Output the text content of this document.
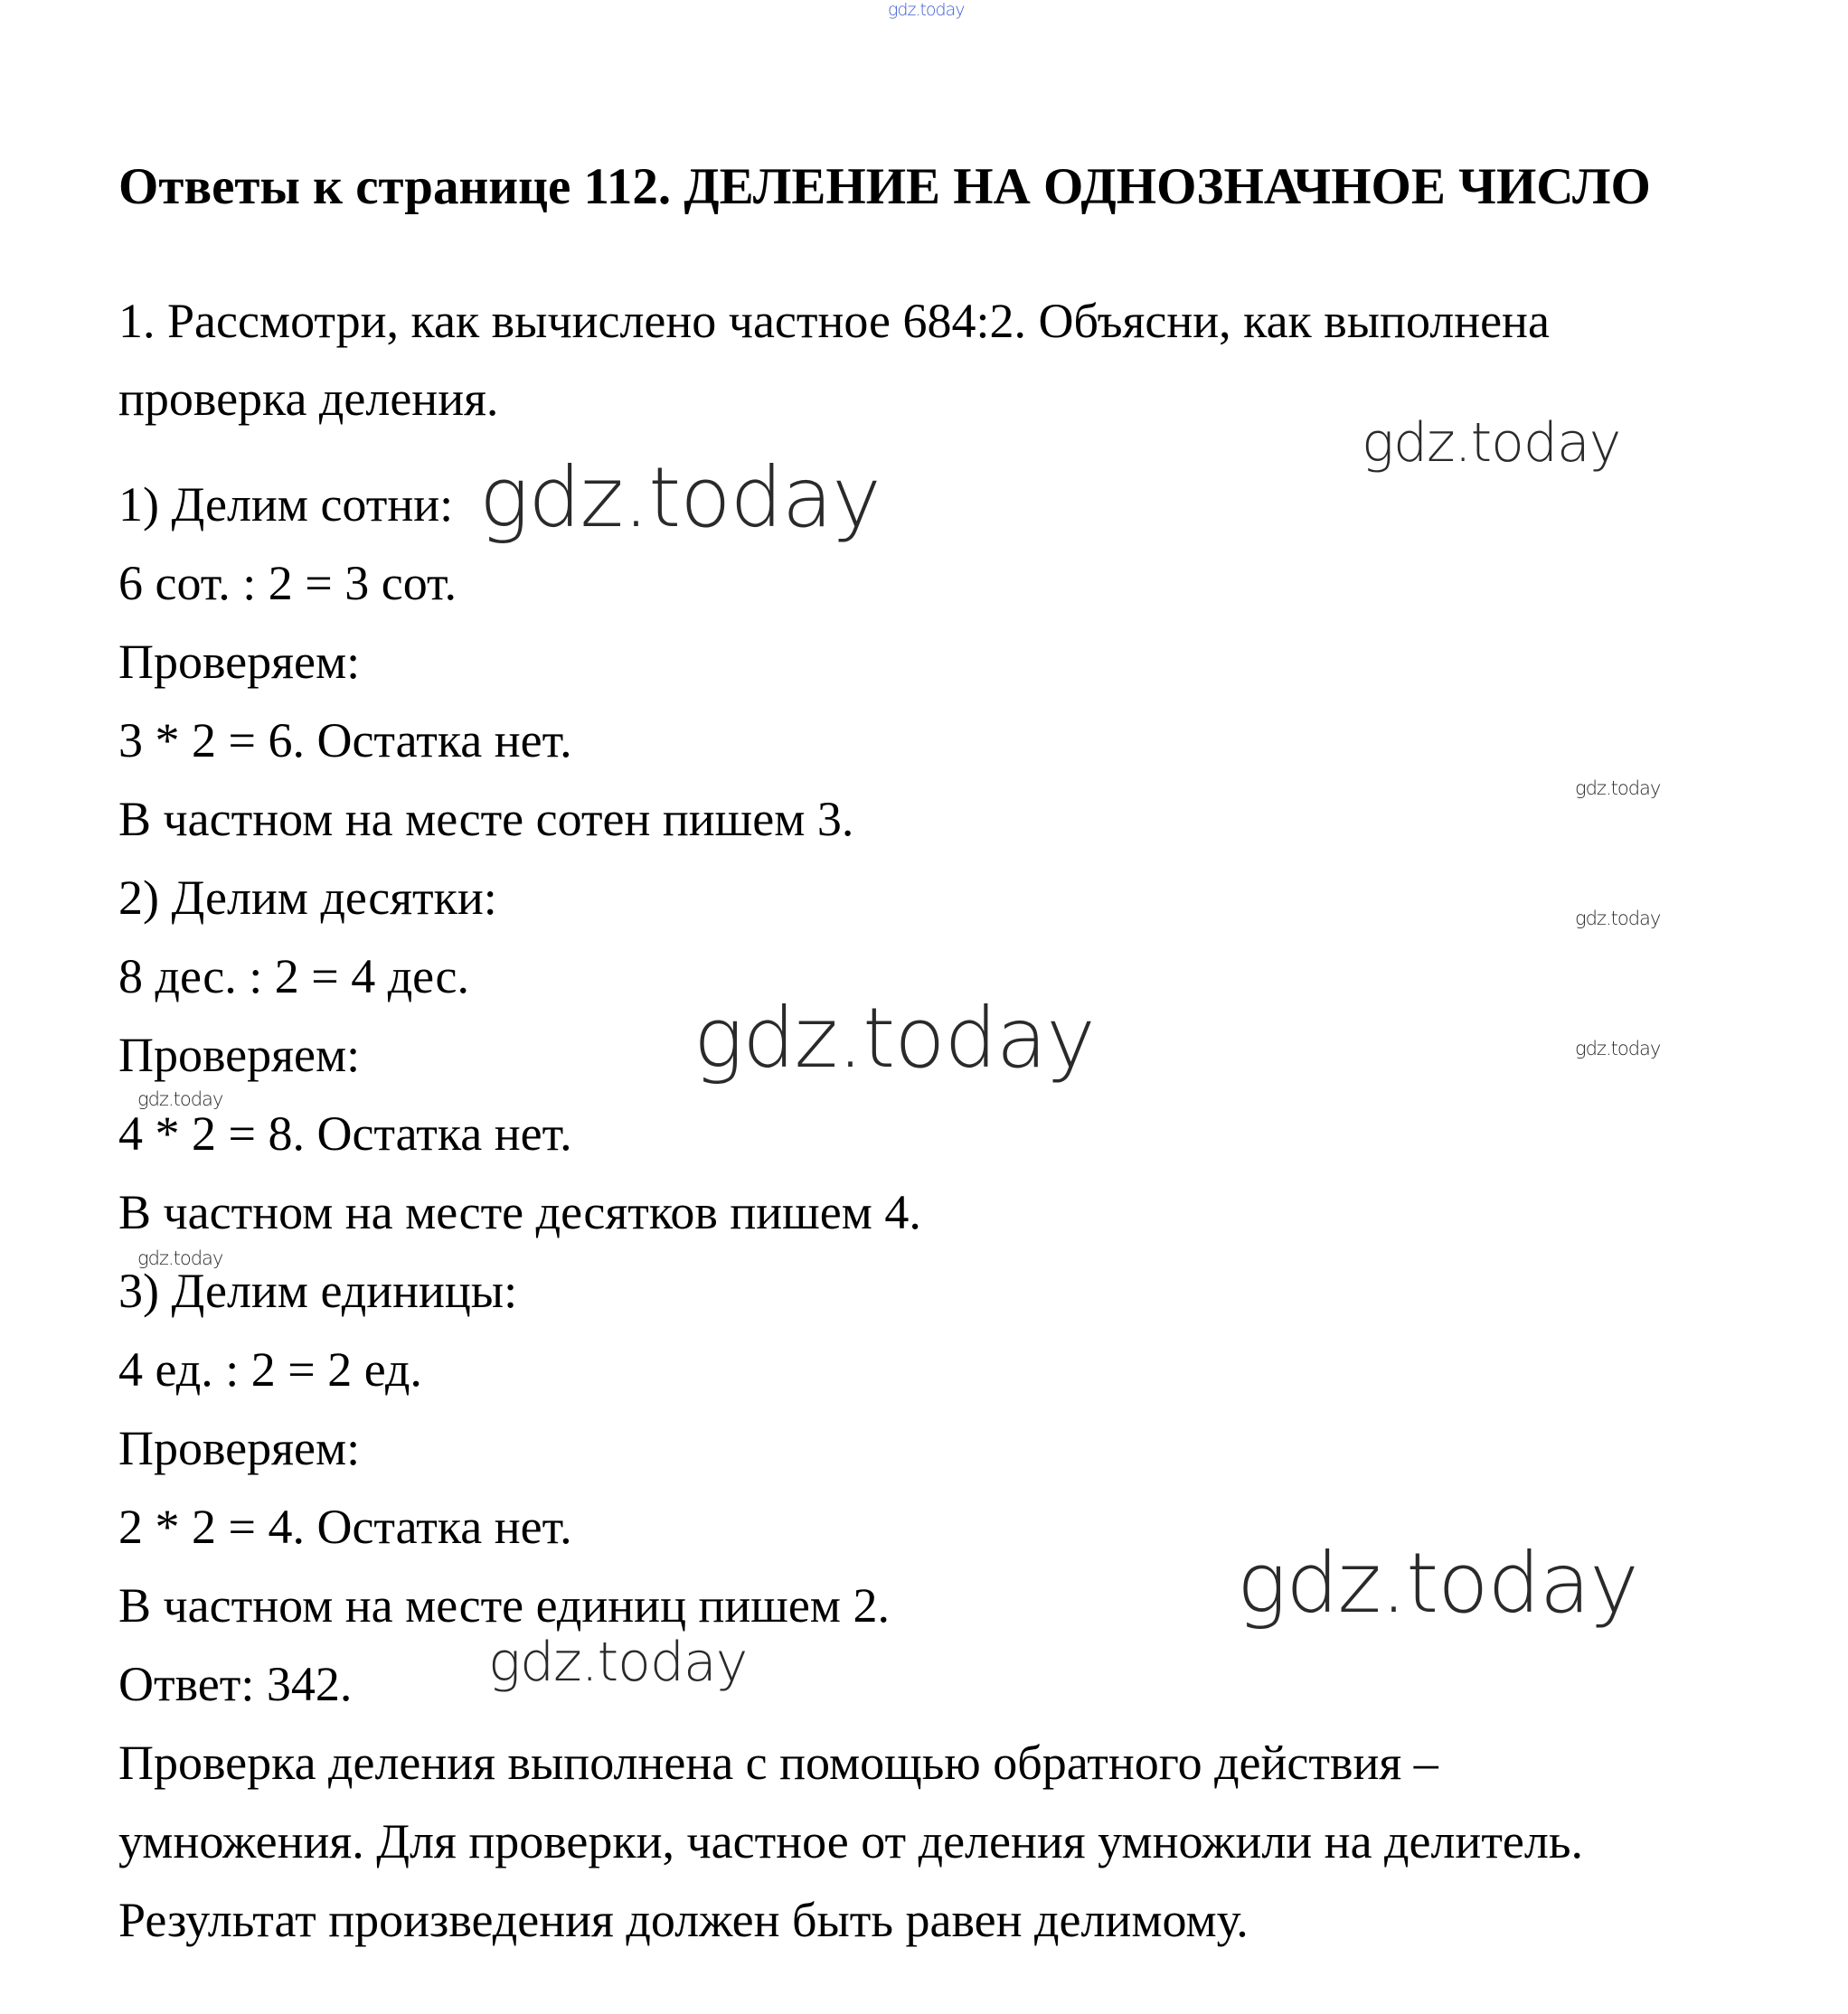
gdz.today
Ответы к странице 112. ДЕЛЕНИЕ НА ОДНОЗНАЧНОЕ ЧИСЛО
1. Рассмотри, как вычислено частное 684:2. Объясни, как выполнена
проверка деления.
1) Делим сотни:
6 сот. : 2 = 3 сот.
Проверяем:
3 * 2 = 6. Остатка нет.
В частном на месте сотен пишем 3.
2) Делим десятки:
8 дес. : 2 = 4 дес.
Проверяем:
4 * 2 = 8. Остатка нет.
В частном на месте десятков пишем 4.
3) Делим единицы:
4 ед. : 2 = 2 ед.
Проверяем:
2 * 2 = 4. Остатка нет.
В частном на месте единиц пишем 2.
Ответ: 342.
Проверка деления выполнена с помощью обратного действия –
умножения. Для проверки, частное от деления умножили на делитель.
Результат произведения должен быть равен делимому.
gdz.today
gdz.today
gdz.today
gdz.today
gdz.today
gdz.today
gdz.today
gdz.today
gdz.today
gdz.today
